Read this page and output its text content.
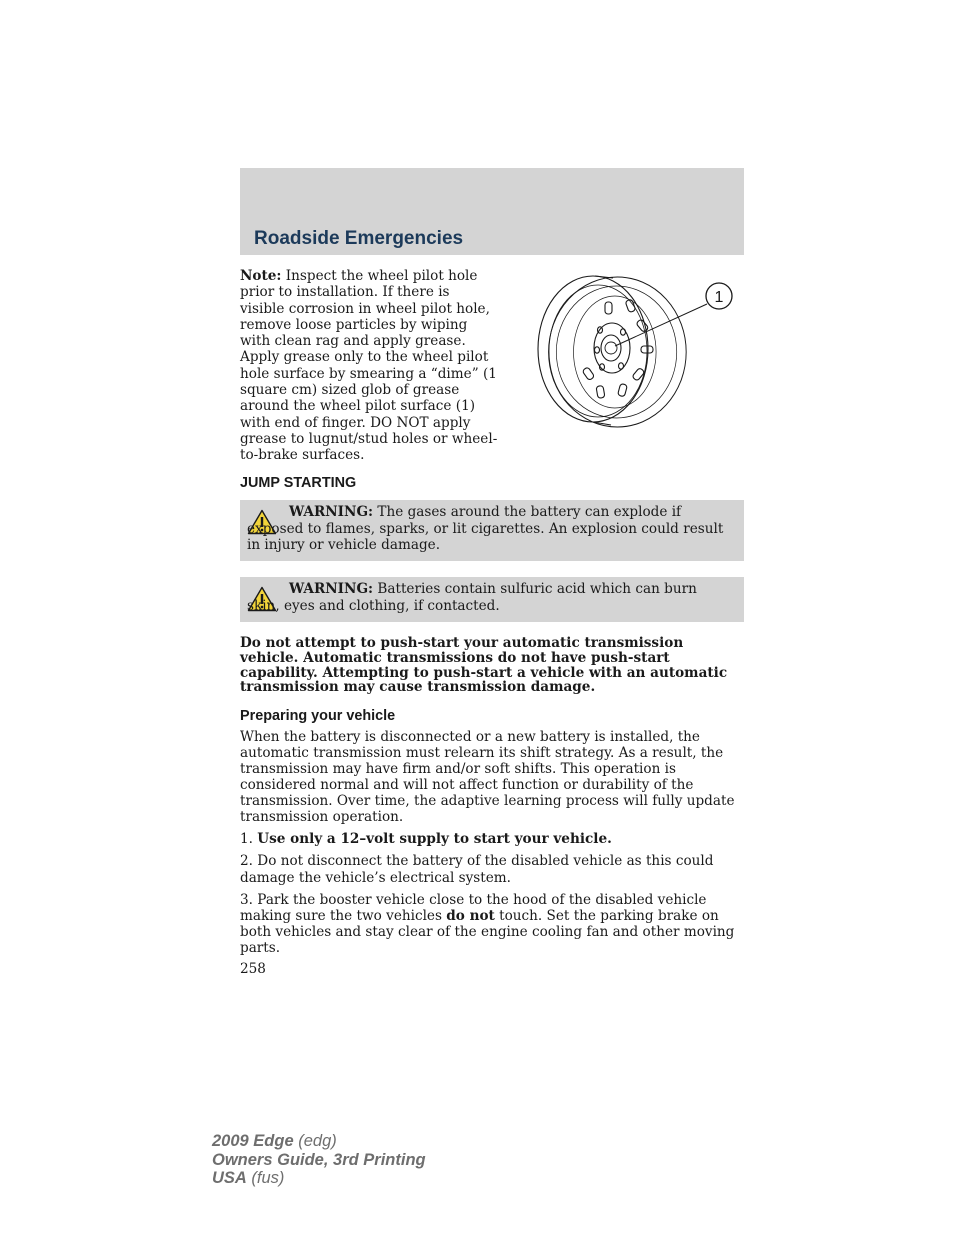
Roadside Emergencies

Note: Inspect the wheel pilot hole prior to installation. If there is visible corrosion in wheel pilot hole, remove loose particles by wiping with clean rag and apply grease. Apply grease only to the wheel pilot hole surface by smearing a “dime” (1 square cm) sized glob of grease around the wheel pilot surface (1) with end of finger. DO NOT apply grease to lugnut/stud holes or wheel-to-brake surfaces.

1
JUMP STARTING

WARNING: The gases around the battery can explode if exposed to flames, sparks, or lit cigarettes. An explosion could result in injury or vehicle damage.

WARNING: Batteries contain sulfuric acid which can burn skin, eyes and clothing, if contacted.

Do not attempt to push-start your automatic transmission vehicle. Automatic transmissions do not have push-start capability. Attempting to push-start a vehicle with an automatic transmission may cause transmission damage.

Preparing your vehicle

When the battery is disconnected or a new battery is installed, the automatic transmission must relearn its shift strategy. As a result, the transmission may have firm and/or soft shifts. This operation is considered normal and will not affect function or durability of the transmission. Over time, the adaptive learning process will fully update transmission operation.

1. Use only a 12–volt supply to start your vehicle.

2. Do not disconnect the battery of the disabled vehicle as this could damage the vehicle’s electrical system.

3. Park the booster vehicle close to the hood of the disabled vehicle making sure the two vehicles do not touch. Set the parking brake on both vehicles and stay clear of the engine cooling fan and other moving parts.

258

2009 Edge (edg)
Owners Guide, 3rd Printing
USA (fus)
